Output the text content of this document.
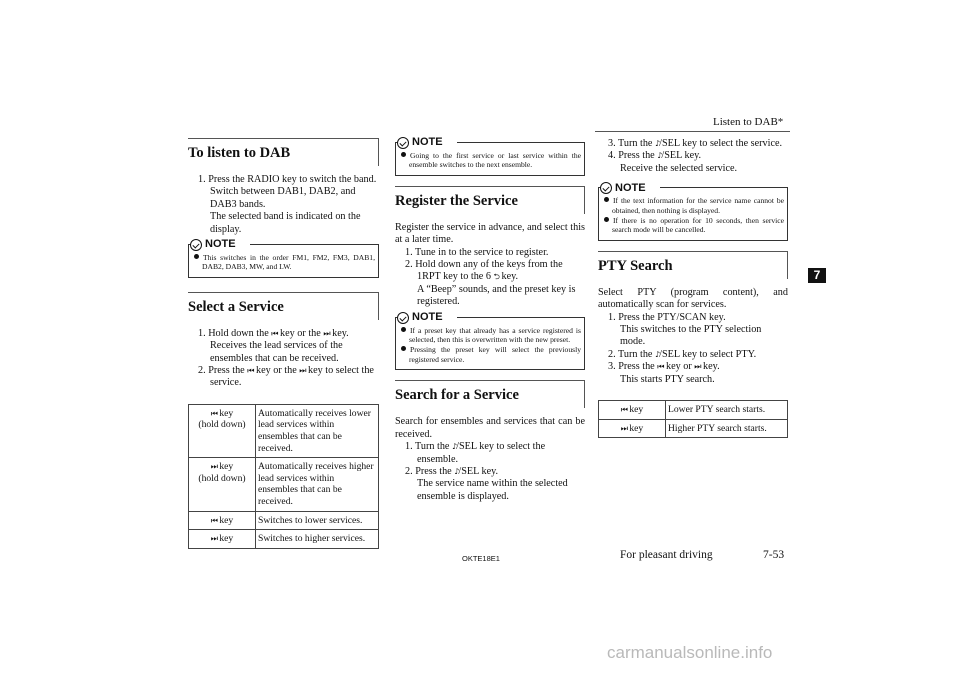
Listen to DAB*
7
To listen to DAB

1. Press the RADIO key to switch the band.
Switch between DAB1, DAB2, and DAB3 bands.
The selected band is indicated on the display.

NOTE
This switches in the order FM1, FM2, FM3, DAB1, DAB2, DAB3, MW, and LW.
Select a Service

1. Hold down the ⏮ key or the ⏭ key.
Receives the lead services of the ensembles that can be received.

2. Press the ⏮ key or the ⏭ key to select the service.

⏮ key
(hold down)	Automatically receives lower lead services within ensembles that can be received.
⏭ key
(hold down)	Automatically receives higher lead services within ensembles that can be received.
⏮ key	Switches to lower services.
⏭ key	Switches to higher services.
NOTE
Going to the first service or last service within the ensemble switches to the next ensemble.
Register the Service

Register the service in advance, and select this at a later time.

1. Tune in to the service to register.

2. Hold down any of the keys from the 1RPT key to the 6 ⮌ key.
A “Beep” sounds, and the preset key is registered.

NOTE
If a preset key that already has a service registered is selected, then this is overwritten with the new preset.
Pressing the preset key will select the previously registered service.
Search for a Service

Search for ensembles and services that can be received.

1. Turn the ♪/SEL key to select the ensemble.

2. Press the ♪/SEL key.
The service name within the selected ensemble is displayed.

3. Turn the ♪/SEL key to select the service.

4. Press the ♪/SEL key.
Receive the selected service.

NOTE
If the text information for the service name cannot be obtained, then nothing is displayed.
If there is no operation for 10 seconds, then service search mode will be cancelled.
PTY Search

Select PTY (program content), and automatically scan for services.

1. Press the PTY/SCAN key.
This switches to the PTY selection mode.

2. Turn the ♪/SEL key to select PTY.

3. Press the ⏮ key or ⏭ key.
This starts PTY search.

⏮ key	Lower PTY search starts.
⏭ key	Higher PTY search starts.
OKTE18E1	For pleasant driving	7-53
carmanualsonline.info
